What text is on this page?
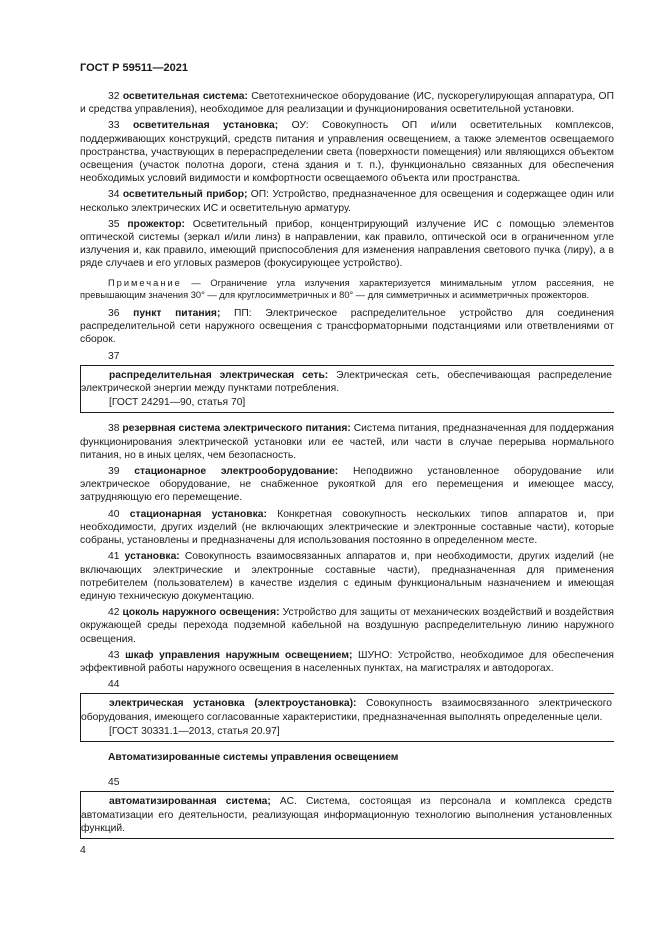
ГОСТ Р 59511—2021

32 осветительная система: Светотехническое оборудование (ИС, пускорегулирующая аппаратура, ОП и средства управления), необходимое для реализации и функционирования осветительной установки.

33 осветительная установка; ОУ: Совокупность ОП и/или осветительных комплексов, поддерживающих конструкций, средств питания и управления освещением, а также элементов освещаемого пространства, участвующих в перераспределении света (поверхности помещения) или являющихся объектом освещения (участок полотна дороги, стена здания и т. п.), функционально связанных для обеспечения необходимых условий видимости и комфортности освещаемого объекта или пространства.

34 осветительный прибор; ОП: Устройство, предназначенное для освещения и содержащее один или несколько электрических ИС и осветительную арматуру.

35 прожектор: Осветительный прибор, концентрирующий излучение ИС с помощью элементов оптической системы (зеркал и/или линз) в направлении, как правило, оптической оси в ограниченном угле излучения и, как правило, имеющий приспособления для изменения направления светового пучка (лиру), а в ряде случаев и его угловых размеров (фокусирующее устройство).

Примечание — Ограничение угла излучения характеризуется минимальным углом рассеяния, не превышающим значения 30° — для круглосимметричных и 80° — для симметричных и асимметричных прожекторов.

36 пункт питания; ПП: Электрическое распределительное устройство для соединения распределительной сети наружного освещения с трансформаторными подстанциями или ответвлениями от сборок.

37

распределительная электрическая сеть: Электрическая сеть, обеспечивающая распределение электрической энергии между пунктами потребления.

[ГОСТ 24291—90, статья 70]

38 резервная система электрического питания: Система питания, предназначенная для поддержания функционирования электрической установки или ее частей, или части в случае перерыва нормального питания, но в иных целях, чем безопасность.

39 стационарное электрооборудование: Неподвижно установленное оборудование или электрическое оборудование, не снабженное рукояткой для его перемещения и имеющее массу, затрудняющую его перемещение.

40 стационарная установка: Конкретная совокупность нескольких типов аппаратов и, при необходимости, других изделий (не включающих электрические и электронные составные части), которые собраны, установлены и предназначены для использования постоянно в определенном месте.

41 установка: Совокупность взаимосвязанных аппаратов и, при необходимости, других изделий (не включающих электрические и электронные составные части), предназначенная для применения потребителем (пользователем) в качестве изделия с единым функциональным назначением и имеющая единую техническую документацию.

42 цоколь наружного освещения: Устройство для защиты от механических воздействий и воздействия окружающей среды перехода подземной кабельной на воздушную распределительную линию наружного освещения.

43 шкаф управления наружным освещением; ШУНО: Устройство, необходимое для обеспечения эффективной работы наружного освещения в населенных пунктах, на магистралях и автодорогах.

44

электрическая установка (электроустановка): Совокупность взаимосвязанного электрического оборудования, имеющего согласованные характеристики, предназначенная выполнять определенные цели.

[ГОСТ 30331.1—2013, статья 20.97]

Автоматизированные системы управления освещением

45

автоматизированная система; АС. Система, состоящая из персонала и комплекса средств автоматизации его деятельности, реализующая информационную технологию выполнения установленных функций.

4
